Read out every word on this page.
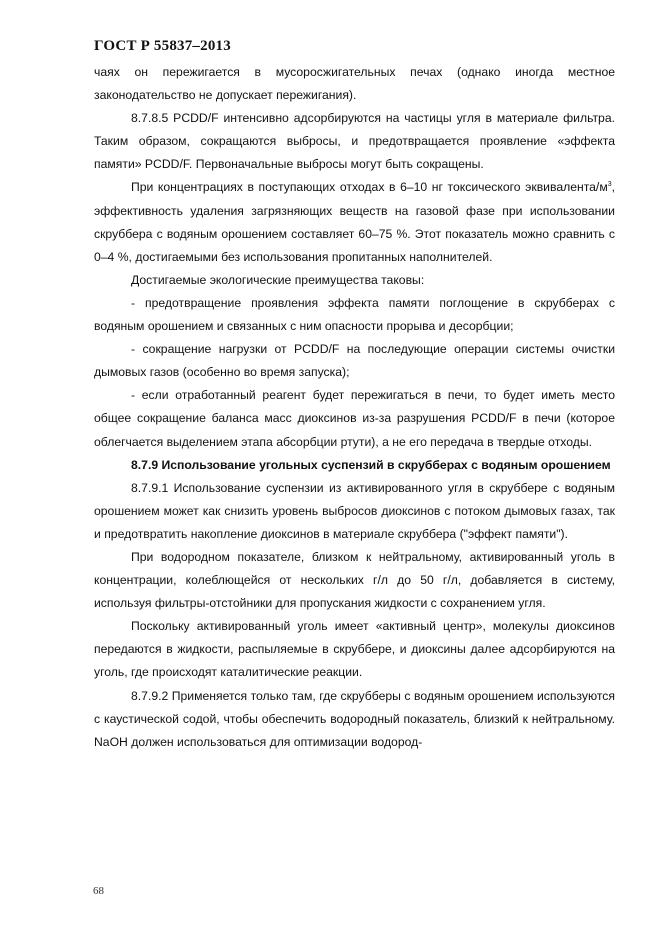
ГОСТ Р 55837–2013

чаях он пережигается в мусоросжигательных печах (однако иногда местное законодательство не допускает пережигания).

8.7.8.5 PCDD/F интенсивно адсорбируются на частицы угля в материале фильтра. Таким образом, сокращаются выбросы, и предотвращается проявление «эффекта памяти» PCDD/F. Первоначальные выбросы могут быть сокращены.

При концентрациях в поступающих отходах в 6–10 нг токсического эквивалента/$м^3$, эффективность удаления загрязняющих веществ на газовой фазе при использовании скруббера с водяным орошением составляет 60–75 %. Этот показатель можно сравнить с 0–4 %, достигаемыми без использования пропитанных наполнителей.

Достигаемые экологические преимущества таковы:

- предотвращение проявления эффекта памяти поглощение в скрубберах с водяным орошением и связанных с ним опасности прорыва и десорбции;

- сокращение нагрузки от PCDD/F на последующие операции системы очистки дымовых газов (особенно во время запуска);

- если отработанный реагент будет пережигаться в печи, то будет иметь место общее сокращение баланса масс диоксинов из-за разрушения PCDD/F в печи (которое облегчается выделением этапа абсорбции ртути), а не его передача в твердые отходы.

8.7.9 Использование угольных суспензий в скрубберах с водяным орошением

8.7.9.1 Использование суспензии из активированного угля в скруббере с водяным орошением может как снизить уровень выбросов диоксинов с потоком дымовых газах, так и предотвратить накопление диоксинов в материале скруббера ("эффект памяти").

При водородном показателе, близком к нейтральному, активированный уголь в концентрации, колеблющейся от нескольких г/л до 50 г/л, добавляется в систему, используя фильтры-отстойники для пропускания жидкости с сохранением угля.

Поскольку активированный уголь имеет «активный центр», молекулы диоксинов передаются в жидкости, распыляемые в скруббере, и диоксины далее адсорбируются на уголь, где происходят каталитические реакции.

8.7.9.2 Применяется только там, где скрубберы с водяным орошением используются с каустической содой, чтобы обеспечить водородный показатель, близкий к нейтральному. NaOH должен использоваться для оптимизации водород-

68
